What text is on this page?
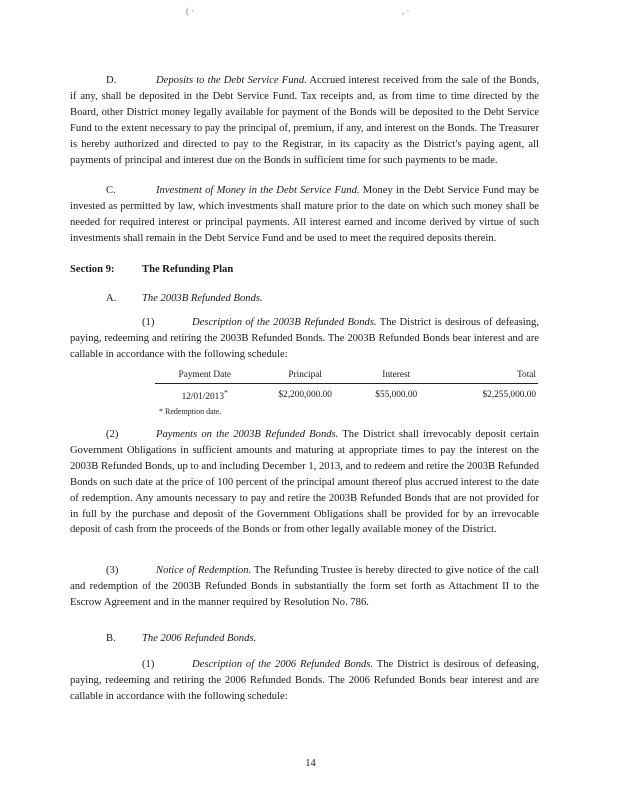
( ·	, ·

D.	Deposits to the Debt Service Fund. Accrued interest received from the sale of the Bonds, if any, shall be deposited in the Debt Service Fund. Tax receipts and, as from time to time directed by the Board, other District money legally available for payment of the Bonds will be deposited to the Debt Service Fund to the extent necessary to pay the principal of, premium, if any, and interest on the Bonds. The Treasurer is hereby authorized and directed to pay to the Registrar, in its capacity as the District's paying agent, all payments of principal and interest due on the Bonds in sufficient time for such payments to be made.

C.	Investment of Money in the Debt Service Fund. Money in the Debt Service Fund may be invested as permitted by law, which investments shall mature prior to the date on which such money shall be needed for required interest or principal payments. All interest earned and income derived by virtue of such investments shall remain in the Debt Service Fund and be used to meet the required deposits therein.

Section 9:	The Refunding Plan
A. The 2003B Refunded Bonds.

(1)	Description of the 2003B Refunded Bonds. The District is desirous of defeasing, paying, redeeming and retiring the 2003B Refunded Bonds. The 2003B Refunded Bonds bear interest and are callable in accordance with the following schedule:

Payment Date	Principal	Interest	Total
12/01/2013*	$2,200,000.00	$55,000.00	$2,255,000.00
* Redemption date.

(2)	Payments on the 2003B Refunded Bonds. The District shall irrevocably deposit certain Government Obligations in sufficient amounts and maturing at appropriate times to pay the interest on the 2003B Refunded Bonds, up to and including December 1, 2013, and to redeem and retire the 2003B Refunded Bonds on such date at the price of 100 percent of the principal amount thereof plus accrued interest to the date of redemption. Any amounts necessary to pay and retire the 2003B Refunded Bonds that are not provided for in full by the purchase and deposit of the Government Obligations shall be provided for by an irrevocable deposit of cash from the proceeds of the Bonds or from other legally available money of the District.

(3)	Notice of Redemption. The Refunding Trustee is hereby directed to give notice of the call and redemption of the 2003B Refunded Bonds in substantially the form set forth as Attachment II to the Escrow Agreement and in the manner required by Resolution No. 786.

B. The 2006 Refunded Bonds.

(1)	Description of the 2006 Refunded Bonds. The District is desirous of defeasing, paying, redeeming and retiring the 2006 Refunded Bonds. The 2006 Refunded Bonds bear interest and are callable in accordance with the following schedule:

14
